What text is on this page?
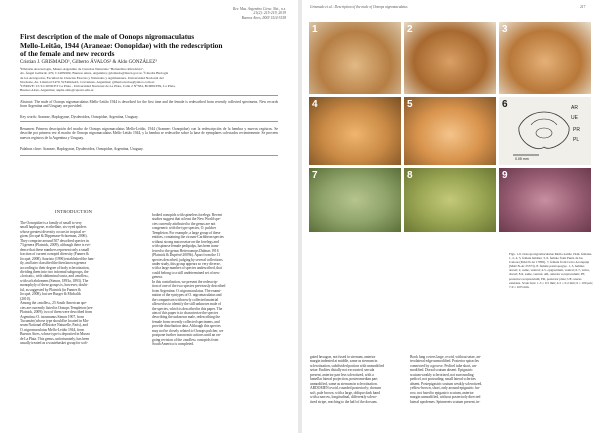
Rev. Mus. Argentino Cienc. Nat., n.s.
21(2): 215-219, 2019
Buenos Aires, ISSN 1514-5158
First description of the male of Oonops nigromaculatus
Mello-Leitão, 1944 (Araneae: Oonopidae) with the redescription
of the female and new records
Cristian J. GRISMADO¹, Gilberto ÁVALOS² & Aldo GONZÁLEZ³
¹División Aracnología, Museo Argentino de Ciencias Naturales "Bernardino Rivadavia".
Av. Ángel Gallardo 470, C1405DJR, Buenos Aires, Argentina; grismado@macn.gov.ar. ²Cátedra Biología
de los Artrópodos, Facultad de Ciencias Exactas y Naturales y Agrimensura, Universidad Nacional del
Nordeste, Av. Libertad 5470, W3404AAS, Corrientes, Argentina; gilbertoavalos@yahoo.com.ar.
³CEPAVE: CCT-CONICET La Plata - Universidad Nacional de La Plata, Calle 2 N°584, B1900CHX, La Plata,
Buenos Aires, Argentina; anphs.aldo@cepave.edu.ar
Abstract: The male of Oonops nigromaculatus Mello-Leitão 1944 is described for the first time and the female is redescribed from recently collected specimens. New records from Argentina and Uruguay are provided.
Key words: Araneae, Haplogynae, Dysderoidea, Oonopidae, Argentina, Uruguay.
Resumen: Primera descripción del macho de Oonops nigromaculatus Mello-Leitão, 1944 (Araneae: Oonopidae) con la redescripción de la hembra y nuevos registros. Se describe por primera vez el macho de Oonops nigromaculatus Mello-Leitão 1944, y la hembra se redescribe sobre la base de ejemplares colectados recientemente. Se proveen nuevos registros de la Argentina y Uruguay.
Palabras clave: Araneae, Haplogynae, Dysderoidea, Oonopidae, Argentina, Uruguay.
INTRODUCTION
The Oonopidae is a family of small to very
small haplogyne, ecribellate, six-eyed spiders
whose greatest diversity occurs in tropical re-
gions (Jocqué & Dippenaar-Schoeman, 2006).
They comprise around 507 described species in
73 genera (Platnick, 2009), although there is evi-
dence that these numbers represent only a small
fraction of current oonopid diversity (Fannes &
Jocqué, 2008). Saaristo (1996) established the fam-
ily, and later classified the then known genera
according to their degree of body sclerotization,
dividing them into two informal subgroups, the
«loricati», with abdominal scuta, and «molles»,
with soft abdomens (Simon, 1893a, 1893). The
monophyly of these groups is, however, doubt-
ful, as suggested by Platnick (in Fannes &
Jocqué, 2008), but see Burger & Michalik
(2010).
Among the «molles», 25 South American spe-
cies are currently listed in Oonops Templeton (see
Platnick, 2009); two of them were described from
Argentina: O. tucumanus Simon 1907, from
Tucumán (whose type should be located in Mu-
seum National d'Histoire Naturelle, Paris), and
O. nigromaculatus Mello-Leitão 1944, from
Buenos Aires, whose type is deposited in Museo
de La Plata. This genus, unfortunately, has been
usually treated as a wastebasket group for soft-
bodied oonopids with spineless forelegs. Recent
studies suggest that at least the New World spe-
cies currently attributed to the genus are not
congeneric with the type species, O. pulcher
Templeton. For example, a large group of these
entities, containing the circum-Caribbean species
without strong macrosetae on the forelegs and
with spinose female pedipalps, has been trans-
ferred to the genus Heteroonops Dalmas 1916
(Platnick & Dupérré 2009b). Apart from the 11
species described, judging by several collections
under study, this group appears so very diverse,
with a large number of species undescribed, that
could belong to a still undetermined set of new
genera.
In this contribution, we present the redescrip-
tion of one of the two species previously described
from Argentina: O. nigromaculatus. The exami-
nation of the syntypes of O. nigromaculatus and
the comparison with newly collected material
allowed us to identify the still unknown male of
the species, which is described in this paper. The
aim of this paper is to characterize the species
describing the unknown male, redescribing the
female from recently collected specimens, and
provide distribution data. Although this species
may not be closely related to Oonops pulcher, we
postpone further taxonomic actions until an on-
going revision of the «molles» oonopids from
South America is completed.
Grismado et al.: Description of the male of Oonops nigromaculatus	217
1	2	3
4	5	6	AR
UE
PR
PL
0.05 mm
7	8	9
Figs. 1-9. Oonops nigromaculatus Mello-Leitão 1944, females. 1, 2, 4, 5, female habitus; 3, 6, female from Punta de las Canoas (MACN-Ar 17895). 7, female from Cerro Aconquija (MACN-Ar 25573). 8. female paratopotype. 1, 3, habitus dorsal; 2, same, ventral; 4-5, epigastrium, ventral; 6-7, vulva, dorsal; 8-9, same, ventral. AR, anterior receptaculum; PP, posterior receptaculum; PR, posterior plate; UE, uterus externus. Scale bars: 1-3 = 0.5 mm; 4-5 = 0.2 mm; 6 = 100 µm; 7-9 = 0.05 mm.
gated hexagon, not fused to sternum, anterior
margin indented at middle, same as sternum in
sclerotization, subdivided portion with unmodified
setae. Endites distally not excavated, serrula
present, anterior part less sclerotized, with a
lamellar lateral projection, posteromedian part
unmodified, same as sternum in sclerotization.
ABDOMEN ovoid, rounded posteriorly; dorsum
soft, pale brown, with a large, oblique dark band
with a narrow, longitudinal, differently sclero-
tized stripe, reaching to the half of the dorsum.
Book lung covers large, ovoid, without setae, an-
terolateral edge unmodified. Posterior spiracles
connected by a groove. Pedicel tube short, un-
modified. Dorsal scutum absent. Epigastric
scutum weakly sclerotized, not surrounding
pedicel, not protruding; small lateral sclerites
absent. Postepigastric scutum weakly sclerotized,
yellow-brown, short, only around epigastric fur-
row, not fused to epigastric scutum, anterior
margin unmodified, without posteriorly directed
lateral apodemes. Spinnerets scutum present, in-
